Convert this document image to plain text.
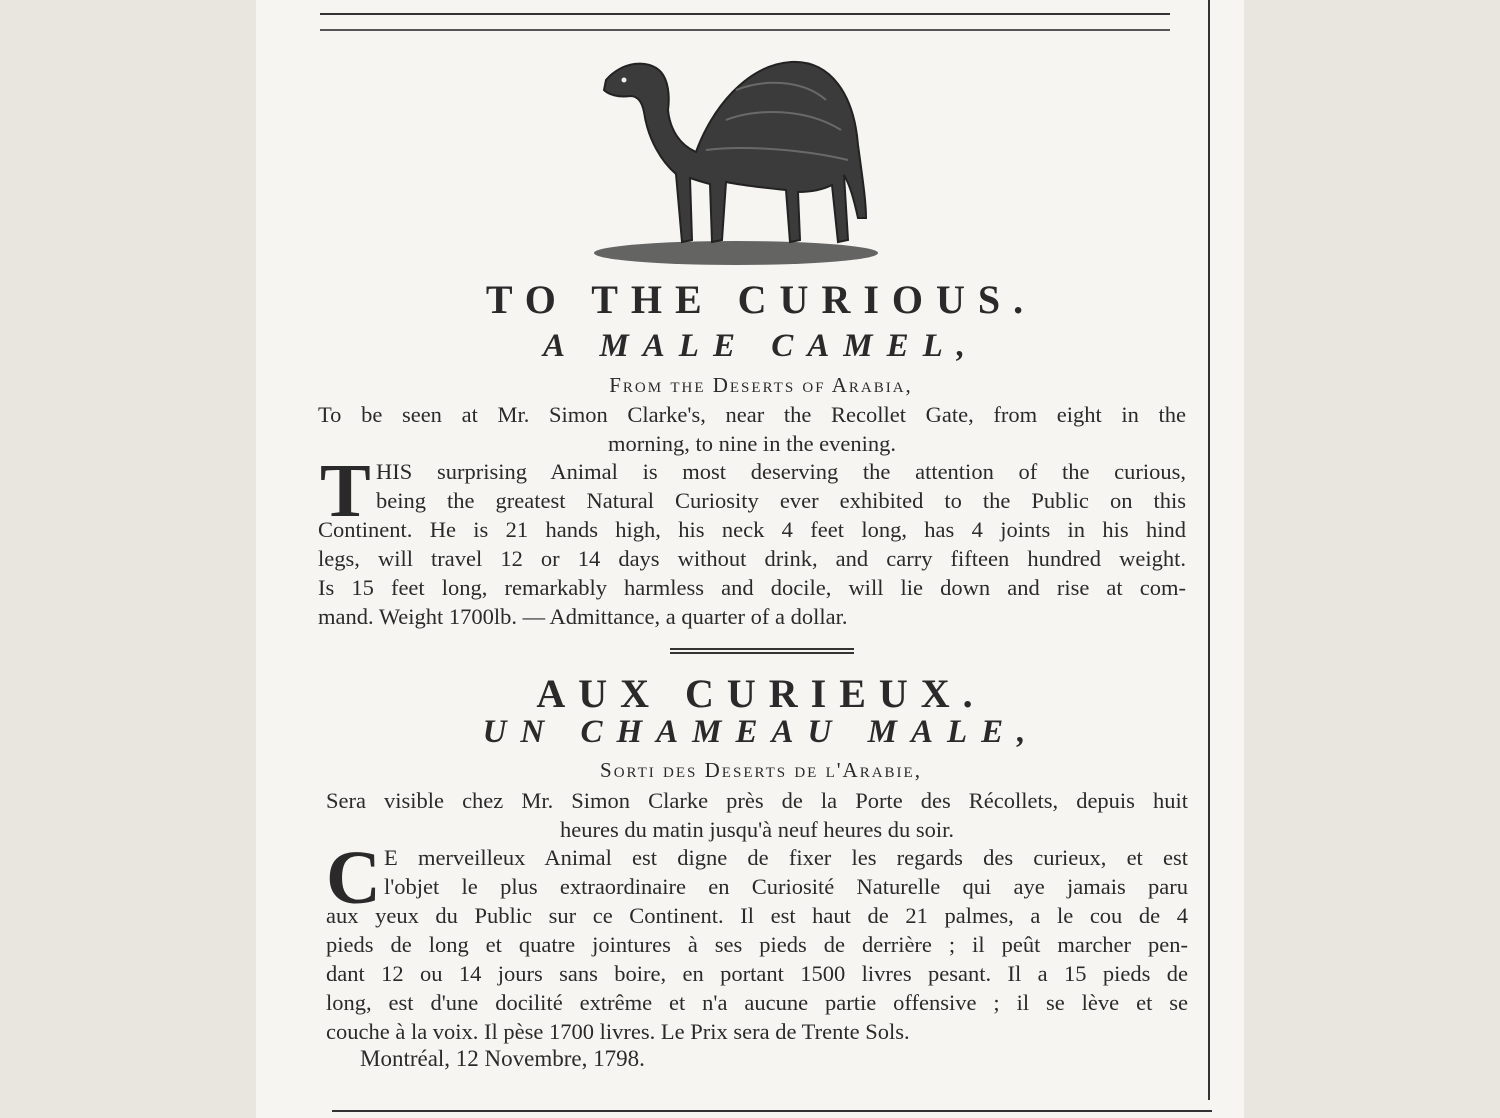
TO THE CURIOUS.
A MALE CAMEL,
From the Deserts of Arabia,
To be seen at Mr. Simon Clarke's, near the Recollet Gate, from eight in the
morning, to nine in the evening.
T HIS surprising Animal is most deserving the attention of the curious,
being the greatest Natural Curiosity ever exhibited to the Public on this
Continent. He is 21 hands high, his neck 4 feet long, has 4 joints in his hind
legs, will travel 12 or 14 days without drink, and carry fifteen hundred weight.
Is 15 feet long, remarkably harmless and docile, will lie down and rise at com-
mand. Weight 1700lb. — Admittance, a quarter of a dollar.
AUX CURIEUX.
UN CHAMEAU MALE,
Sorti des Deserts de l'Arabie,
Sera visible chez Mr. Simon Clarke près de la Porte des Récollets, depuis huit
heures du matin jusqu'à neuf heures du soir.
C E merveilleux Animal est digne de fixer les regards des curieux, et est
l'objet le plus extraordinaire en Curiosité Naturelle qui aye jamais paru
aux yeux du Public sur ce Continent. Il est haut de 21 palmes, a le cou de 4
pieds de long et quatre jointures à ses pieds de derrière ; il peût marcher pen-
dant 12 ou 14 jours sans boire, en portant 1500 livres pesant. Il a 15 pieds de
long, est d'une docilité extrême et n'a aucune partie offensive ; il se lève et se
couche à la voix. Il pèse 1700 livres. Le Prix sera de Trente Sols.

Montréal, 12 Novembre, 1798.
